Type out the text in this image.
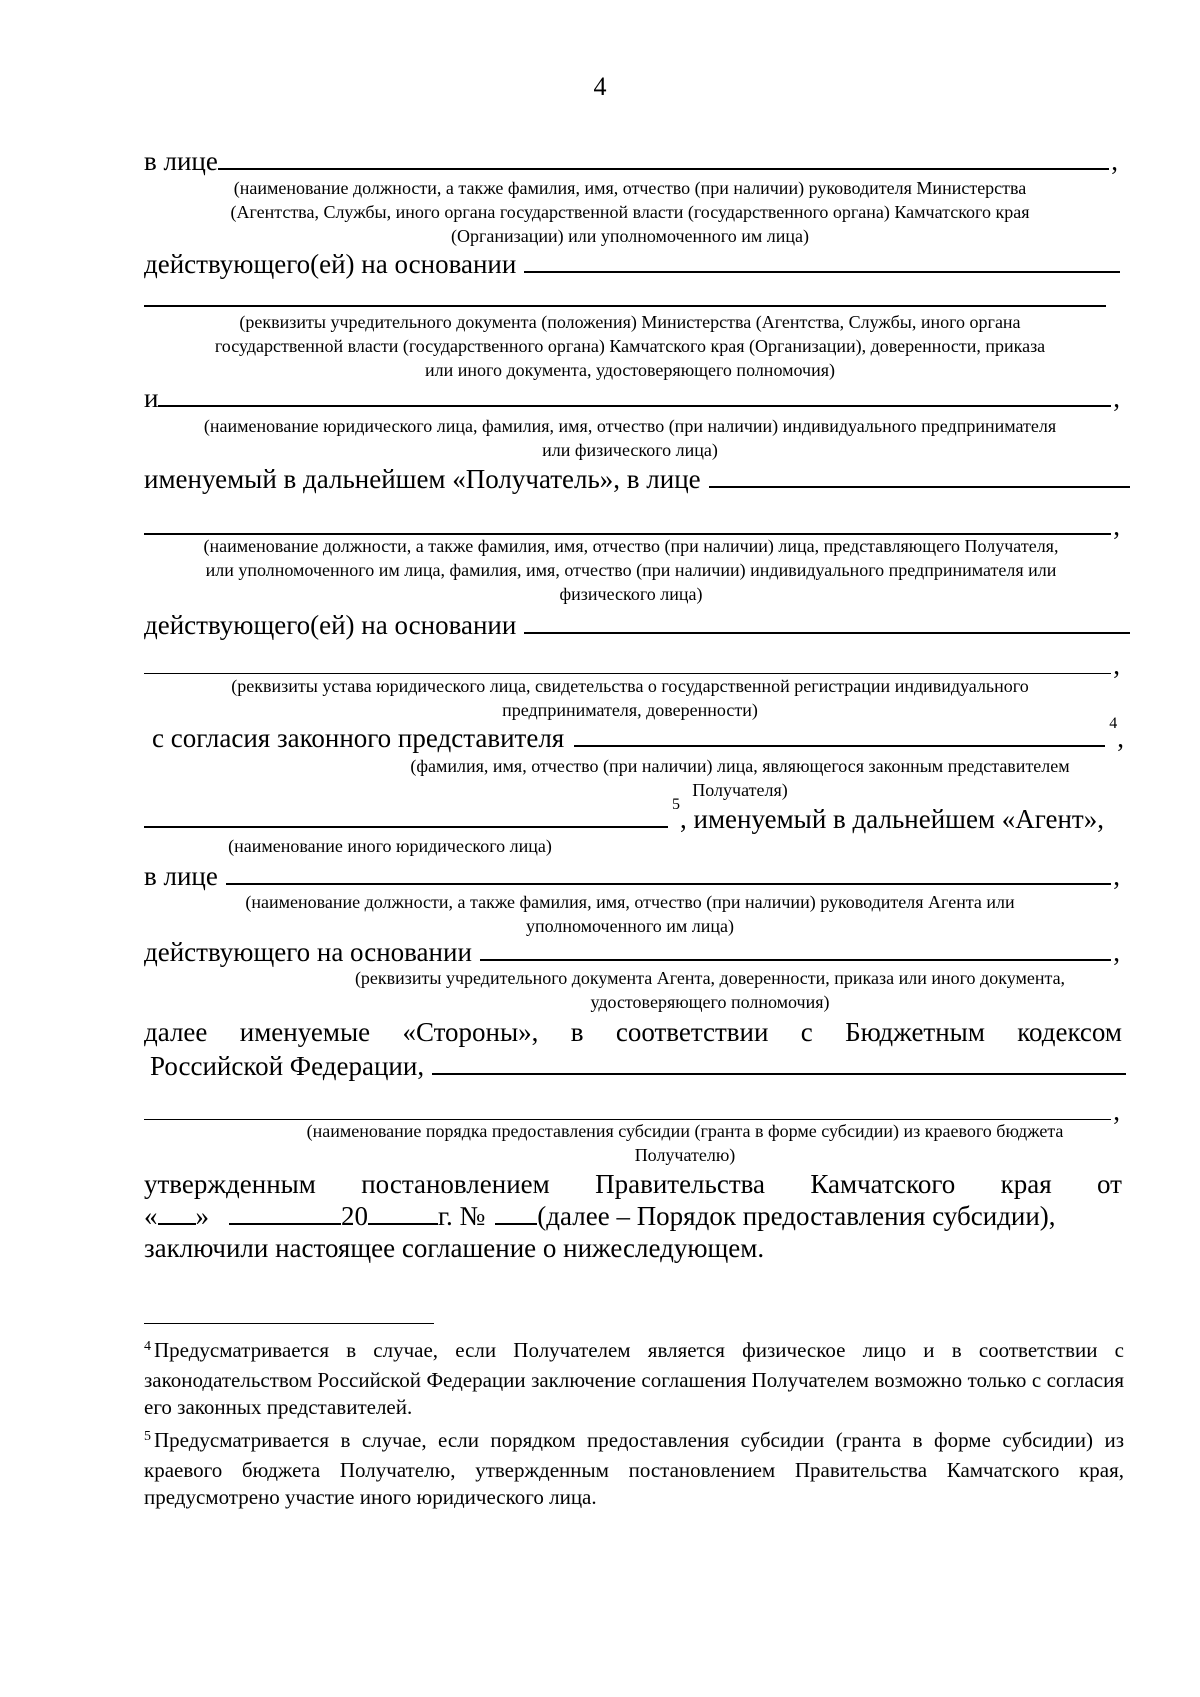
4
в лице	,
(наименование должности, а также фамилия, имя, отчество (при наличии) руководителя Министерства
(Агентства, Службы, иного органа государственной власти (государственного органа) Камчатского края
(Организации) или уполномоченного им лица)
действующего(ей) на основании
(реквизиты учредительного документа (положения) Министерства (Агентства, Службы, иного органа
государственной власти (государственного органа) Камчатского края (Организации), доверенности, приказа
или иного документа, удостоверяющего полномочия)
и	,
(наименование юридического лица, фамилия, имя, отчество (при наличии) индивидуального предпринимателя
или физического лица)
именуемый в дальнейшем «Получатель», в лице
,
(наименование должности, а также фамилия, имя, отчество (при наличии) лица, представляющего Получателя,
или уполномоченного им лица, фамилия, имя, отчество (при наличии) индивидуального предпринимателя или
физического лица)
действующего(ей) на основании
,
(реквизиты устава юридического лица, свидетельства о государственной регистрации индивидуального
предпринимателя, доверенности)
с согласия законного представителя	4 ,
(фамилия, имя, отчество (при наличии) лица, являющегося законным представителем
Получателя)
5 , именуемый в дальнейшем «Агент»,
(наименование иного юридического лица)
в лице	,
(наименование должности, а также фамилия, имя, отчество (при наличии) руководителя Агента или
уполномоченного им лица)
действующего на основании	,
(реквизиты учредительного документа Агента, доверенности, приказа или иного документа,
удостоверяющего полномочия)
далее именуемые «Стороны», в соответствии с Бюджетным кодексом
Российской Федерации,
,
(наименование порядка предоставления субсидии (гранта в форме субсидии) из краевого бюджета
Получателю)
утвержденным постановлением Правительства Камчатского края от
« »	20	г. № (далее – Порядок предоставления субсидии),
заключили настоящее соглашение о нижеследующем.
$^4$ Предусматривается в случае, если Получателем является физическое лицо и в соответствии с законодательством Российской Федерации заключение соглашения Получателем возможно только с согласия его законных представителей.
$^5$ Предусматривается в случае, если порядком предоставления субсидии (гранта в форме субсидии) из краевого бюджета Получателю, утвержденным постановлением Правительства Камчатского края, предусмотрено участие иного юридического лица.
